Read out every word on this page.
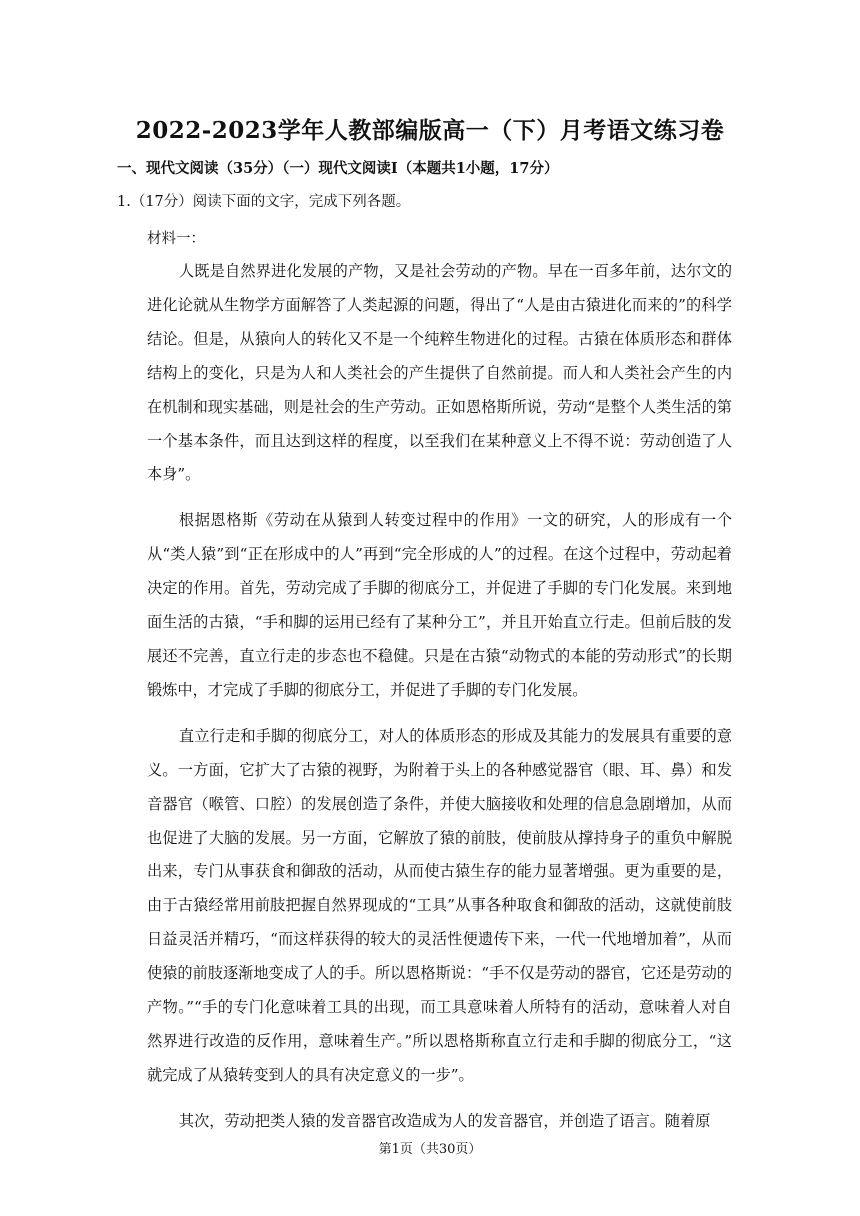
2022-2023学年人教部编版高一（下）月考语文练习卷
一、现代文阅读（35分）（一）现代文阅读I（本题共1小题，17分）
1.（17分）阅读下面的文字，完成下列各题。
材料一：

人既是自然界进化发展的产物，又是社会劳动的产物。早在一百多年前，达尔文的进化论就从生物学方面解答了人类起源的问题，得出了“人是由古猿进化而来的”的科学结论。但是，从猿向人的转化又不是一个纯粹生物进化的过程。古猿在体质形态和群体结构上的变化，只是为人和人类社会的产生提供了自然前提。而人和人类社会产生的内在机制和现实基础，则是社会的生产劳动。正如恩格斯所说，劳动“是整个人类生活的第一个基本条件，而且达到这样的程度，以至我们在某种意义上不得不说：劳动创造了人本身”。

根据恩格斯《劳动在从猿到人转变过程中的作用》一文的研究，人的形成有一个从“类人猿”到“正在形成中的人”再到“完全形成的人”的过程。在这个过程中，劳动起着决定的作用。首先，劳动完成了手脚的彻底分工，并促进了手脚的专门化发展。来到地面生活的古猿，“手和脚的运用已经有了某种分工”，并且开始直立行走。但前后肢的发展还不完善，直立行走的步态也不稳健。只是在古猿“动物式的本能的劳动形式”的长期锻炼中，才完成了手脚的彻底分工，并促进了手脚的专门化发展。

直立行走和手脚的彻底分工，对人的体质形态的形成及其能力的发展具有重要的意义。一方面，它扩大了古猿的视野，为附着于头上的各种感觉器官（眼、耳、鼻）和发音器官（喉管、口腔）的发展创造了条件，并使大脑接收和处理的信息急剧增加，从而也促进了大脑的发展。另一方面，它解放了猿的前肢，使前肢从撑持身子的重负中解脱出来，专门从事获食和御敌的活动，从而使古猿生存的能力显著增强。更为重要的是，由于古猿经常用前肢把握自然界现成的“工具”从事各种取食和御敌的活动，这就使前肢日益灵活并精巧，“而这样获得的较大的灵活性便遗传下来，一代一代地增加着”，从而使猿的前肢逐渐地变成了人的手。所以恩格斯说：“手不仅是劳动的器官，它还是劳动的产物。”“手的专门化意味着工具的出现，而工具意味着人所特有的活动，意味着人对自然界进行改造的反作用，意味着生产。”所以恩格斯称直立行走和手脚的彻底分工，“这就完成了从猿转变到人的具有决定意义的一步”。

其次，劳动把类人猿的发音器官改造成为人的发音器官，并创造了语言。随着原

第1页（共30页）
